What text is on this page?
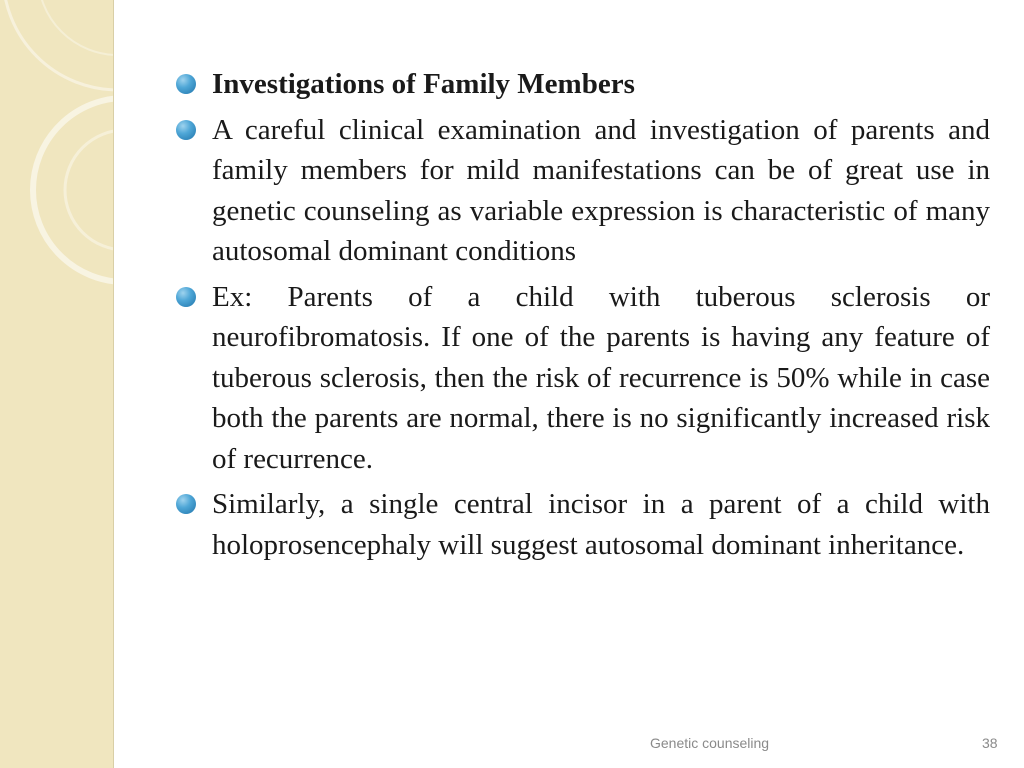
Investigations of Family Members
A careful clinical examination and investigation of parents and family members for mild manifestations can be of great use in genetic counseling as variable expression is characteristic of many autosomal dominant conditions
Ex: Parents of a child with tuberous sclerosis or neurofibromatosis. If one of the parents is having any feature of tuberous sclerosis, then the risk of recurrence is 50% while in case both the parents are normal, there is no significantly increased risk of recurrence.
Similarly, a single central incisor in a parent of a child with holoprosencephaly will suggest autosomal dominant inheritance.
Genetic counseling	38
